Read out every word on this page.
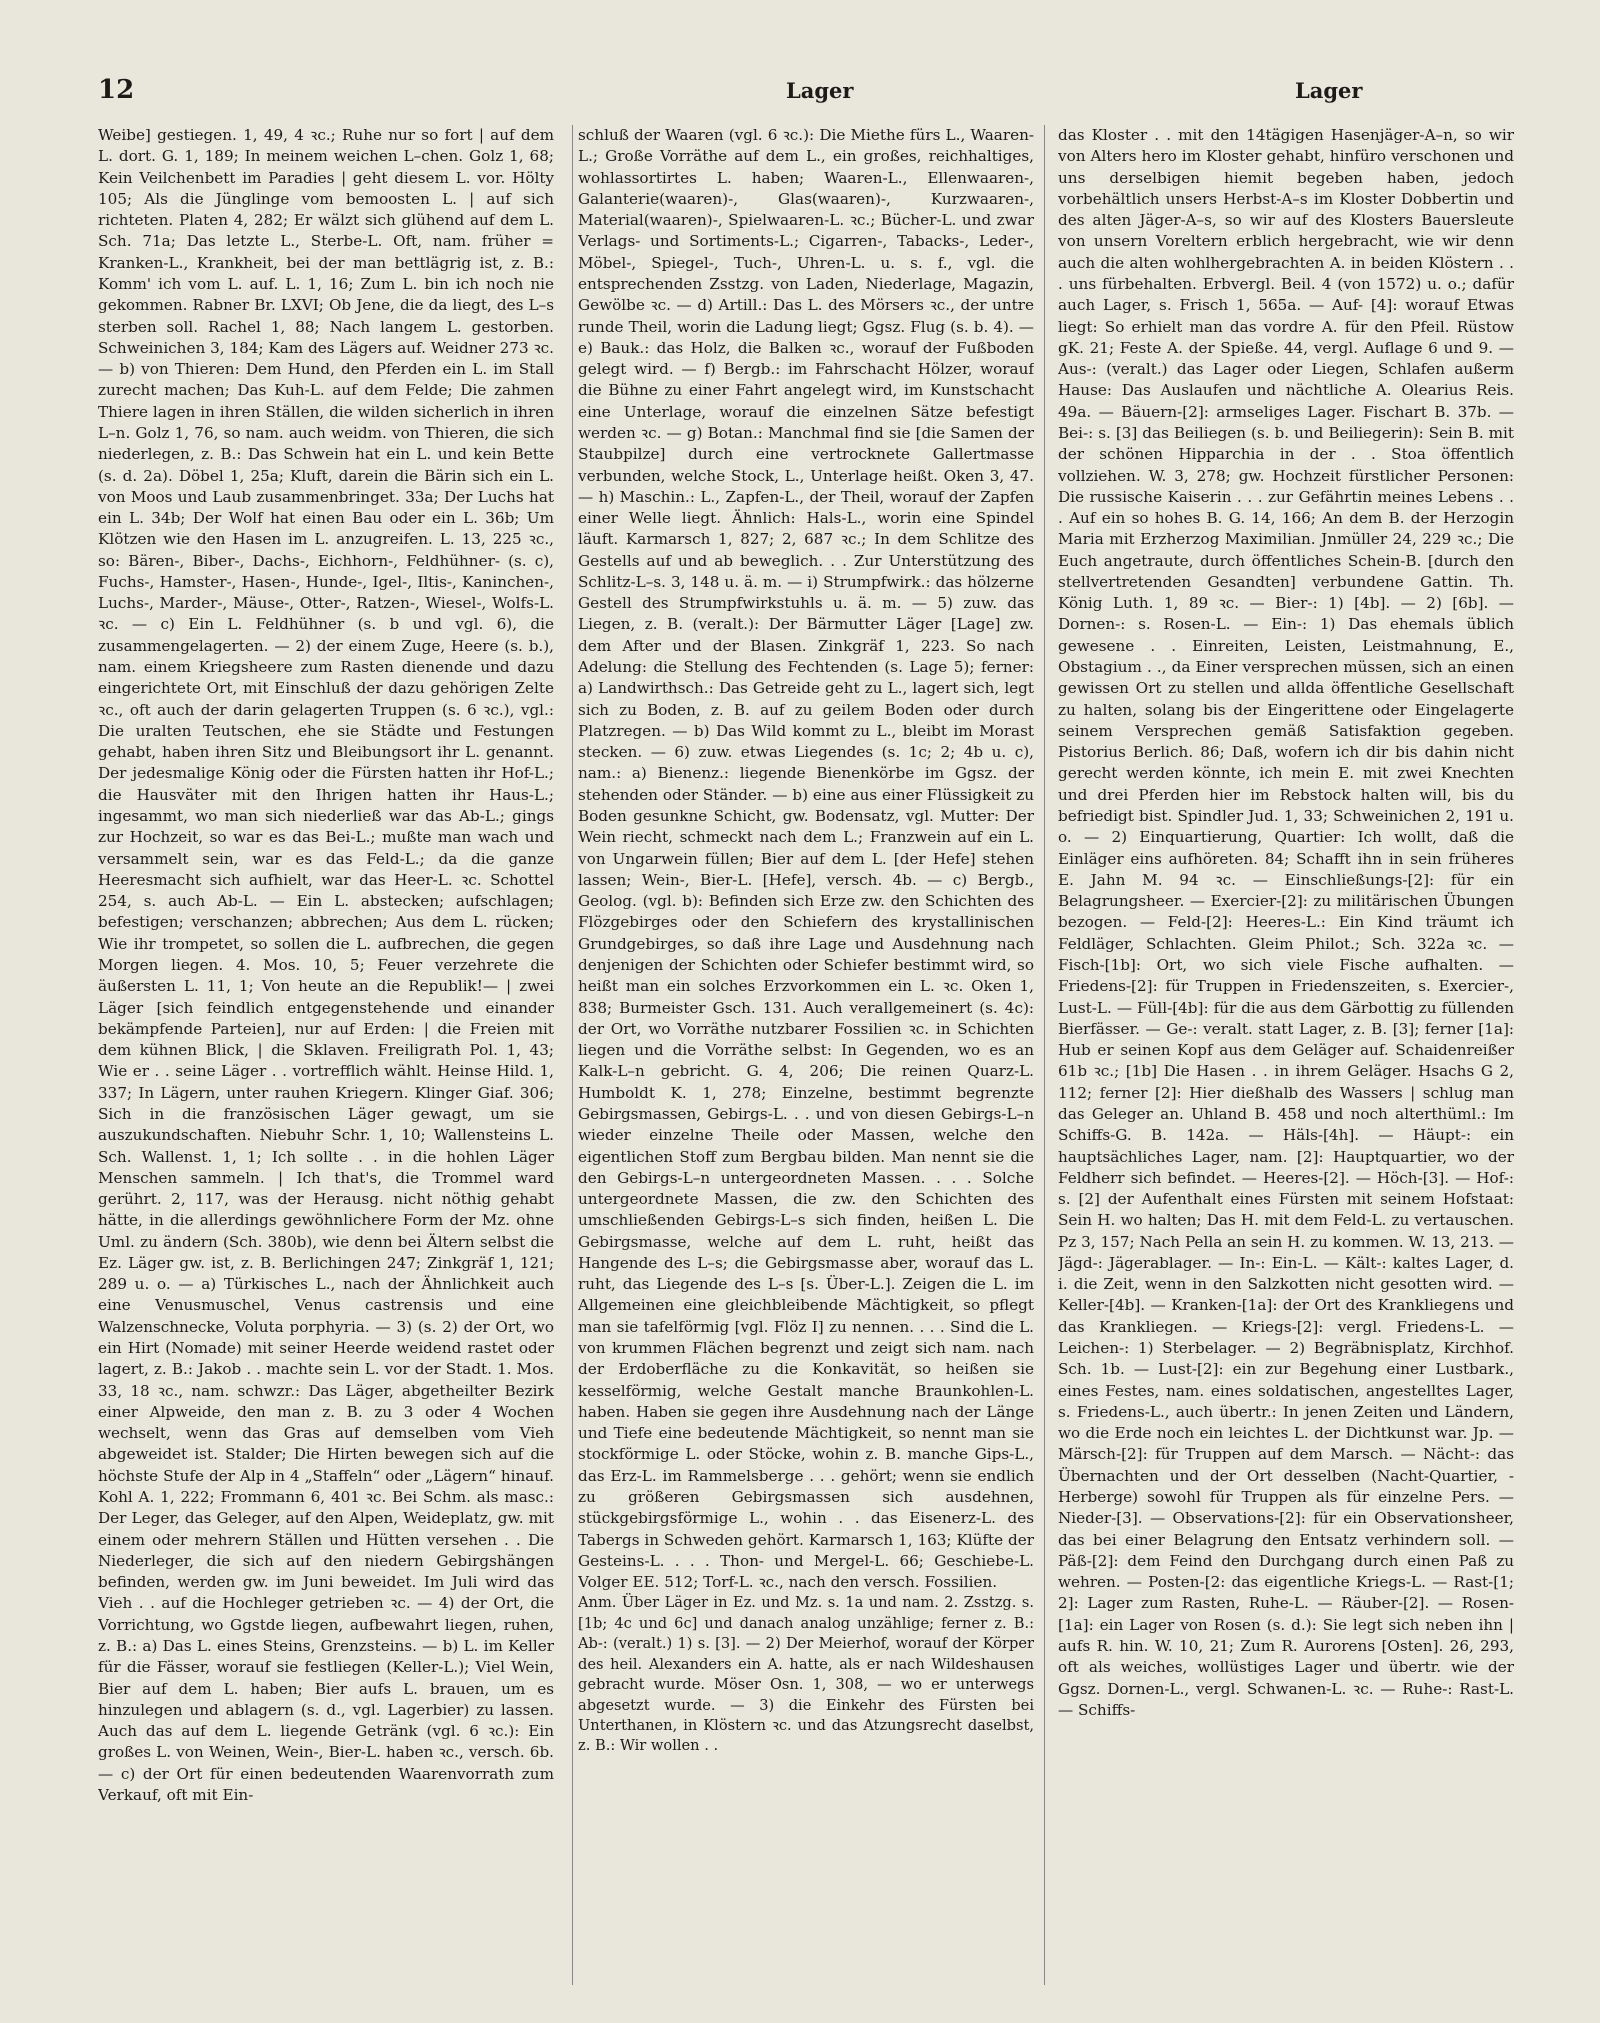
12	Lager	Lager

Weibe] gestiegen. 1, 49, 4 ꝛc.; Ruhe nur so fort | auf dem L. dort. G. 1, 189; In meinem weichen L–chen. Golz 1, 68; Kein Veilchenbett im Paradies | geht diesem L. vor. Hölty 105; Als die Jünglinge vom bemoosten L. | auf sich richteten. Platen 4, 282; Er wälzt sich glühend auf dem L. Sch. 71a; Das letzte L., Sterbe-L. Oft, nam. früher = Kranken-L., Krankheit, bei der man bettlägrig ist, z. B.: Komm' ich vom L. auf. L. 1, 16; Zum L. bin ich noch nie gekommen. Rabner Br. LXVI; Ob Jene, die da liegt, des L–s sterben soll. Rachel 1, 88; Nach langem L. gestorben. Schweinichen 3, 184; Kam des Lägers auf. Weidner 273 ꝛc. — b) von Thieren: Dem Hund, den Pferden ein L. im Stall zurecht machen; Das Kuh-L. auf dem Felde; Die zahmen Thiere lagen in ihren Ställen, die wilden sicherlich in ihren L–n. Golz 1, 76, so nam. auch weidm. von Thieren, die sich niederlegen, z. B.: Das Schwein hat ein L. und kein Bette (s. d. 2a). Döbel 1, 25a; Kluft, darein die Bärin sich ein L. von Moos und Laub zusammenbringet. 33a; Der Luchs hat ein L. 34b; Der Wolf hat einen Bau oder ein L. 36b; Um Klötzen wie den Hasen im L. anzugreifen. L. 13, 225 ꝛc., so: Bären-, Biber-, Dachs-, Eichhorn-, Feldhühner- (s. c), Fuchs-, Hamster-, Hasen-, Hunde-, Igel-, Iltis-, Kaninchen-, Luchs-, Marder-, Mäuse-, Otter-, Ratzen-, Wiesel-, Wolfs-L. ꝛc. — c) Ein L. Feldhühner (s. b und vgl. 6), die zusammengelagerten. — 2) der einem Zuge, Heere (s. b.), nam. einem Kriegsheere zum Rasten dienende und dazu eingerichtete Ort, mit Einschluß der dazu gehörigen Zelte ꝛc., oft auch der darin gelagerten Truppen (s. 6 ꝛc.), vgl.: Die uralten Teutschen, ehe sie Städte und Festungen gehabt, haben ihren Sitz und Bleibungsort ihr L. genannt. Der jedesmalige König oder die Fürsten hatten ihr Hof-L.; die Hausväter mit den Ihrigen hatten ihr Haus-L.; ingesammt, wo man sich niederließ war das Ab-L.; gings zur Hochzeit, so war es das Bei-L.; mußte man wach und versammelt sein, war es das Feld-L.; da die ganze Heeresmacht sich aufhielt, war das Heer-L. ꝛc. Schottel 254, s. auch Ab-L. — Ein L. abstecken; aufschlagen; befestigen; verschanzen; abbrechen; Aus dem L. rücken; Wie ihr trompetet, so sollen die L. aufbrechen, die gegen Morgen liegen. 4. Mos. 10, 5; Feuer verzehrete die äußersten L. 11, 1; Von heute an die Republik!— | zwei Läger [sich feindlich entgegenstehende und einander bekämpfende Parteien], nur auf Erden: | die Freien mit dem kühnen Blick, | die Sklaven. Freiligrath Pol. 1, 43; Wie er . . seine Läger . . vortrefflich wählt. Heinse Hild. 1, 337; In Lägern, unter rauhen Kriegern. Klinger Giaf. 306; Sich in die französischen Läger gewagt, um sie auszukundschaften. Niebuhr Schr. 1, 10; Wallensteins L. Sch. Wallenst. 1, 1; Ich sollte . . in die hohlen Läger Menschen sammeln. | Ich that's, die Trommel ward gerührt. 2, 117, was der Herausg. nicht nöthig gehabt hätte, in die allerdings gewöhnlichere Form der Mz. ohne Uml. zu ändern (Sch. 380b), wie denn bei Ältern selbst die Ez. Läger gw. ist, z. B. Berlichingen 247; Zinkgräf 1, 121; 289 u. o. — a) Türkisches L., nach der Ähnlichkeit auch eine Venusmuschel, Venus castrensis und eine Walzenschnecke, Voluta porphyria. — 3) (s. 2) der Ort, wo ein Hirt (Nomade) mit seiner Heerde weidend rastet oder lagert, z. B.: Jakob . . machte sein L. vor der Stadt. 1. Mos. 33, 18 ꝛc., nam. schwzr.: Das Läger, abgetheilter Bezirk einer Alpweide, den man z. B. zu 3 oder 4 Wochen wechselt, wenn das Gras auf demselben vom Vieh abgeweidet ist. Stalder; Die Hirten bewegen sich auf die höchste Stufe der Alp in 4 „Staffeln“ oder „Lägern“ hinauf. Kohl A. 1, 222; Frommann 6, 401 ꝛc. Bei Schm. als masc.: Der Leger, das Geleger, auf den Alpen, Weideplatz, gw. mit einem oder mehrern Ställen und Hütten versehen . . Die Niederleger, die sich auf den niedern Gebirgshängen befinden, werden gw. im Juni beweidet. Im Juli wird das Vieh . . auf die Hochleger getrieben ꝛc. — 4) der Ort, die Vorrichtung, wo Ggstde liegen, aufbewahrt liegen, ruhen, z. B.: a) Das L. eines Steins, Grenzsteins. — b) L. im Keller für die Fässer, worauf sie festliegen (Keller-L.); Viel Wein, Bier auf dem L. haben; Bier aufs L. brauen, um es hinzulegen und ablagern (s. d., vgl. Lagerbier) zu lassen. Auch das auf dem L. liegende Getränk (vgl. 6 ꝛc.): Ein großes L. von Weinen, Wein-, Bier-L. haben ꝛc., versch. 6b. — c) der Ort für einen bedeutenden Waarenvorrath zum Verkauf, oft mit Ein-

schluß der Waaren (vgl. 6 ꝛc.): Die Miethe fürs L., Waaren-L.; Große Vorräthe auf dem L., ein großes, reichhaltiges, wohlassortirtes L. haben; Waaren-L., Ellenwaaren-, Galanterie(waaren)-, Glas(waaren)-, Kurzwaaren-, Material(waaren)-, Spielwaaren-L. ꝛc.; Bücher-L. und zwar Verlags- und Sortiments-L.; Cigarren-, Tabacks-, Leder-, Möbel-, Spiegel-, Tuch-, Uhren-L. u. s. f., vgl. die entsprechenden Zsstzg. von Laden, Niederlage, Magazin, Gewölbe ꝛc. — d) Artill.: Das L. des Mörsers ꝛc., der untre runde Theil, worin die Ladung liegt; Ggsz. Flug (s. b. 4). — e) Bauk.: das Holz, die Balken ꝛc., worauf der Fußboden gelegt wird. — f) Bergb.: im Fahrschacht Hölzer, worauf die Bühne zu einer Fahrt angelegt wird, im Kunstschacht eine Unterlage, worauf die einzelnen Sätze befestigt werden ꝛc. — g) Botan.: Manchmal find sie [die Samen der Staubpilze] durch eine vertrocknete Gallertmasse verbunden, welche Stock, L., Unterlage heißt. Oken 3, 47. — h) Maschin.: L., Zapfen-L., der Theil, worauf der Zapfen einer Welle liegt. Ähnlich: Hals-L., worin eine Spindel läuft. Karmarsch 1, 827; 2, 687 ꝛc.; In dem Schlitze des Gestells auf und ab beweglich. . . Zur Unterstützung des Schlitz-L–s. 3, 148 u. ä. m. — i) Strumpfwirk.: das hölzerne Gestell des Strumpfwirkstuhls u. ä. m. — 5) zuw. das Liegen, z. B. (veralt.): Der Bärmutter Läger [Lage] zw. dem After und der Blasen. Zinkgräf 1, 223. So nach Adelung: die Stellung des Fechtenden (s. Lage 5); ferner: a) Landwirthsch.: Das Getreide geht zu L., lagert sich, legt sich zu Boden, z. B. auf zu geilem Boden oder durch Platzregen. — b) Das Wild kommt zu L., bleibt im Morast stecken. — 6) zuw. etwas Liegendes (s. 1c; 2; 4b u. c), nam.: a) Bienenz.: liegende Bienenkörbe im Ggsz. der stehenden oder Ständer. — b) eine aus einer Flüssigkeit zu Boden gesunkne Schicht, gw. Bodensatz, vgl. Mutter: Der Wein riecht, schmeckt nach dem L.; Franzwein auf ein L. von Ungarwein füllen; Bier auf dem L. [der Hefe] stehen lassen; Wein-, Bier-L. [Hefe], versch. 4b. — c) Bergb., Geolog. (vgl. b): Befinden sich Erze zw. den Schichten des Flözgebirges oder den Schiefern des krystallinischen Grundgebirges, so daß ihre Lage und Ausdehnung nach denjenigen der Schichten oder Schiefer bestimmt wird, so heißt man ein solches Erzvorkommen ein L. ꝛc. Oken 1, 838; Burmeister Gsch. 131. Auch verallgemeinert (s. 4c): der Ort, wo Vorräthe nutzbarer Fossilien ꝛc. in Schichten liegen und die Vorräthe selbst: In Gegenden, wo es an Kalk-L–n gebricht. G. 4, 206; Die reinen Quarz-L. Humboldt K. 1, 278; Einzelne, bestimmt begrenzte Gebirgsmassen, Gebirgs-L. . . und von diesen Gebirgs-L–n wieder einzelne Theile oder Massen, welche den eigentlichen Stoff zum Bergbau bilden. Man nennt sie die den Gebirgs-L–n untergeordneten Massen. . . . Solche untergeordnete Massen, die zw. den Schichten des umschließenden Gebirgs-L–s sich finden, heißen L. Die Gebirgsmasse, welche auf dem L. ruht, heißt das Hangende des L–s; die Gebirgsmasse aber, worauf das L. ruht, das Liegende des L–s [s. Über-L.]. Zeigen die L. im Allgemeinen eine gleichbleibende Mächtigkeit, so pflegt man sie tafelförmig [vgl. Flöz I] zu nennen. . . . Sind die L. von krummen Flächen begrenzt und zeigt sich nam. nach der Erdoberfläche zu die Konkavität, so heißen sie kesselförmig, welche Gestalt manche Braunkohlen-L. haben. Haben sie gegen ihre Ausdehnung nach der Länge und Tiefe eine bedeutende Mächtigkeit, so nennt man sie stockförmige L. oder Stöcke, wohin z. B. manche Gips-L., das Erz-L. im Rammelsberge . . . gehört; wenn sie endlich zu größeren Gebirgsmassen sich ausdehnen, stückgebirgsförmige L., wohin . . das Eisenerz-L. des Tabergs in Schweden gehört. Karmarsch 1, 163; Klüfte der Gesteins-L. . . . Thon- und Mergel-L. 66; Geschiebe-L. Volger EE. 512; Torf-L. ꝛc., nach den versch. Fossilien.

Anm. Über Läger in Ez. und Mz. s. 1a und nam. 2. Zsstzg. s. [1b; 4c und 6c] und danach analog unzählige; ferner z. B.: Ab-: (veralt.) 1) s. [3]. — 2) Der Meierhof, worauf der Körper des heil. Alexanders ein A. hatte, als er nach Wildeshausen gebracht wurde. Möser Osn. 1, 308, — wo er unterwegs abgesetzt wurde. — 3) die Einkehr des Fürsten bei Unterthanen, in Klöstern ꝛc. und das Atzungsrecht daselbst, z. B.: Wir wollen . .

das Kloster . . mit den 14tägigen Hasenjäger-A–n, so wir von Alters hero im Kloster gehabt, hinfüro verschonen und uns derselbigen hiemit begeben haben, jedoch vorbehältlich unsers Herbst-A–s im Kloster Dobbertin und des alten Jäger-A–s, so wir auf des Klosters Bauersleute von unsern Voreltern erblich hergebracht, wie wir denn auch die alten wohlhergebrachten A. in beiden Klöstern . . . uns fürbehalten. Erbvergl. Beil. 4 (von 1572) u. o.; dafür auch Lager, s. Frisch 1, 565a. — Auf- [4]: worauf Etwas liegt: So erhielt man das vordre A. für den Pfeil. Rüstow gK. 21; Feste A. der Spieße. 44, vergl. Auflage 6 und 9. — Aus-: (veralt.) das Lager oder Liegen, Schlafen außerm Hause: Das Auslaufen und nächtliche A. Olearius Reis. 49a. — Bäuern-[2]: armseliges Lager. Fischart B. 37b. — Bei-: s. [3] das Beiliegen (s. b. und Beiliegerin): Sein B. mit der schönen Hipparchia in der . . Stoa öffentlich vollziehen. W. 3, 278; gw. Hochzeit fürstlicher Personen: Die russische Kaiserin . . . zur Gefährtin meines Lebens . . . Auf ein so hohes B. G. 14, 166; An dem B. der Herzogin Maria mit Erzherzog Maximilian. Jnmüller 24, 229 ꝛc.; Die Euch angetraute, durch öffentliches Schein-B. [durch den stellvertretenden Gesandten] verbundene Gattin. Th. König Luth. 1, 89 ꝛc. — Bier-: 1) [4b]. — 2) [6b]. — Dornen-: s. Rosen-L. — Ein-: 1) Das ehemals üblich gewesene . . Einreiten, Leisten, Leistmahnung, E., Obstagium . ., da Einer versprechen müssen, sich an einen gewissen Ort zu stellen und allda öffentliche Gesellschaft zu halten, solang bis der Eingerittene oder Eingelagerte seinem Versprechen gemäß Satisfaktion gegeben. Pistorius Berlich. 86; Daß, wofern ich dir bis dahin nicht gerecht werden könnte, ich mein E. mit zwei Knechten und drei Pferden hier im Rebstock halten will, bis du befriedigt bist. Spindler Jud. 1, 33; Schweinichen 2, 191 u. o. — 2) Einquartierung, Quartier: Ich wollt, daß die Einläger eins aufhöreten. 84; Schafft ihn in sein früheres E. Jahn M. 94 ꝛc. — Einschließungs-[2]: für ein Belagrungsheer. — Exercier-[2]: zu militärischen Übungen bezogen. — Feld-[2]: Heeres-L.: Ein Kind träumt ich Feldläger, Schlachten. Gleim Philot.; Sch. 322a ꝛc. — Fisch-[1b]: Ort, wo sich viele Fische aufhalten. — Friedens-[2]: für Truppen in Friedenszeiten, s. Exercier-, Lust-L. — Füll-[4b]: für die aus dem Gärbottig zu füllenden Bierfässer. — Ge-: veralt. statt Lager, z. B. [3]; ferner [1a]: Hub er seinen Kopf aus dem Geläger auf. Schaidenreißer 61b ꝛc.; [1b] Die Hasen . . in ihrem Geläger. Hsachs G 2, 112; ferner [2]: Hier dießhalb des Wassers | schlug man das Geleger an. Uhland B. 458 und noch alterthüml.: Im Schiffs-G. B. 142a. — Häls-[4h]. — Häupt-: ein hauptsächliches Lager, nam. [2]: Hauptquartier, wo der Feldherr sich befindet. — Heeres-[2]. — Höch-[3]. — Hof-: s. [2] der Aufenthalt eines Fürsten mit seinem Hofstaat: Sein H. wo halten; Das H. mit dem Feld-L. zu vertauschen. Pz 3, 157; Nach Pella an sein H. zu kommen. W. 13, 213. — Jägd-: Jägerablager. — In-: Ein-L. — Kält-: kaltes Lager, d. i. die Zeit, wenn in den Salzkotten nicht gesotten wird. — Keller-[4b]. — Kranken-[1a]: der Ort des Krankliegens und das Krankliegen. — Kriegs-[2]: vergl. Friedens-L. — Leichen-: 1) Sterbelager. — 2) Begräbnisplatz, Kirchhof. Sch. 1b. — Lust-[2]: ein zur Begehung einer Lustbark., eines Festes, nam. eines soldatischen, angestelltes Lager, s. Friedens-L., auch übertr.: In jenen Zeiten und Ländern, wo die Erde noch ein leichtes L. der Dichtkunst war. Jp. — Märsch-[2]: für Truppen auf dem Marsch. — Nächt-: das Übernachten und der Ort desselben (Nacht-Quartier, -Herberge) sowohl für Truppen als für einzelne Pers. — Nieder-[3]. — Observations-[2]: für ein Observationsheer, das bei einer Belagrung den Entsatz verhindern soll. — Päß-[2]: dem Feind den Durchgang durch einen Paß zu wehren. — Posten-[2: das eigentliche Kriegs-L. — Rast-[1; 2]: Lager zum Rasten, Ruhe-L. — Räuber-[2]. — Rosen-[1a]: ein Lager von Rosen (s. d.): Sie legt sich neben ihn | aufs R. hin. W. 10, 21; Zum R. Aurorens [Osten]. 26, 293, oft als weiches, wollüstiges Lager und übertr. wie der Ggsz. Dornen-L., vergl. Schwanen-L. ꝛc. — Ruhe-: Rast-L. — Schiffs-
